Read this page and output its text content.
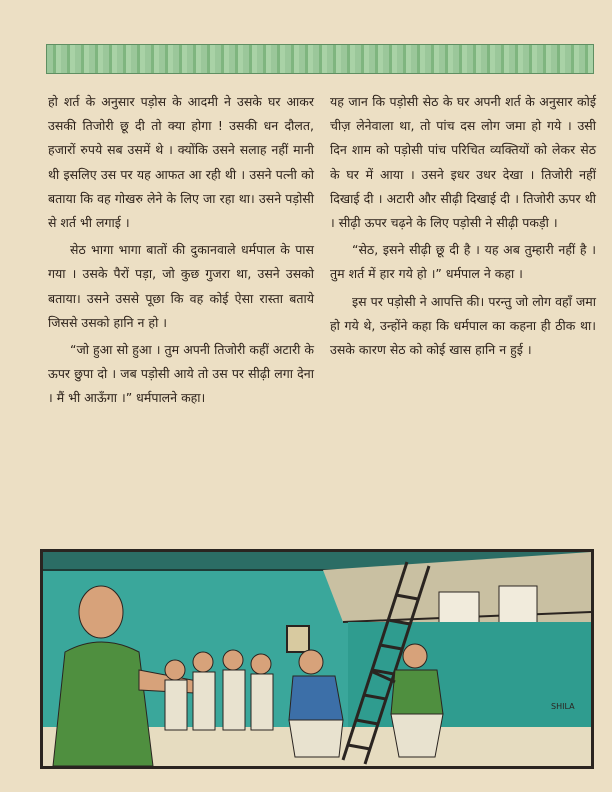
हो शर्त के अनुसार पड़ोस के आदमी ने उसके घर आकर उसकी तिजोरी छू दी तो क्या होगा ! उसकी धन दौलत, हजारों रुपये सब उसमें थे । क्योंकि उसने सलाह नहीं मानी थी इसलिए उस पर यह आफत आ रही थी । उसने पत्नी को बताया कि वह गोखरु लेने के लिए जा रहा था। उसने पड़ोसी से शर्त भी लगाई ।

सेठ भागा भागा बातों की दुकानवाले धर्मपाल के पास गया । उसके पैरों पड़ा, जो कुछ गुजरा था, उसने उसको बताया। उसने उससे पूछा कि वह कोई ऐसा रास्ता बताये जिससे उसको हानि न हो ।

“जो हुआ सो हुआ । तुम अपनी तिजोरी कहीं अटारी के ऊपर छुपा दो । जब पड़ोसी आये तो उस पर सीढ़ी लगा देना । मैं भी आऊँगा ।” धर्मपालने कहा।

यह जान कि पड़ोसी सेठ के घर अपनी शर्त के अनुसार कोई चीज़ लेनेवाला था, तो पांच दस लोग जमा हो गये । उसी दिन शाम को पड़ोसी पांच परिचित व्यक्तियों को लेकर सेठ के घर में आया । उसने इधर उधर देखा । तिजोरी नहीं दिखाई दी । अटारी और सीढ़ी दिखाई दी । तिजोरी ऊपर थी । सीढ़ी ऊपर चढ़ने के लिए पड़ोसी ने सीढ़ी पकड़ी ।

“सेठ, इसने सीढ़ी छू दी है । यह अब तुम्हारी नहीं है । तुम शर्त में हार गये हो ।” धर्मपाल ने कहा ।

इस पर पड़ोसी ने आपत्ति की। परन्तु जो लोग वहाँ जमा हो गये थे, उन्होंने कहा कि धर्मपाल का कहना ही ठीक था। उसके कारण सेठ को कोई खास हानि न हुई ।

SHILA
